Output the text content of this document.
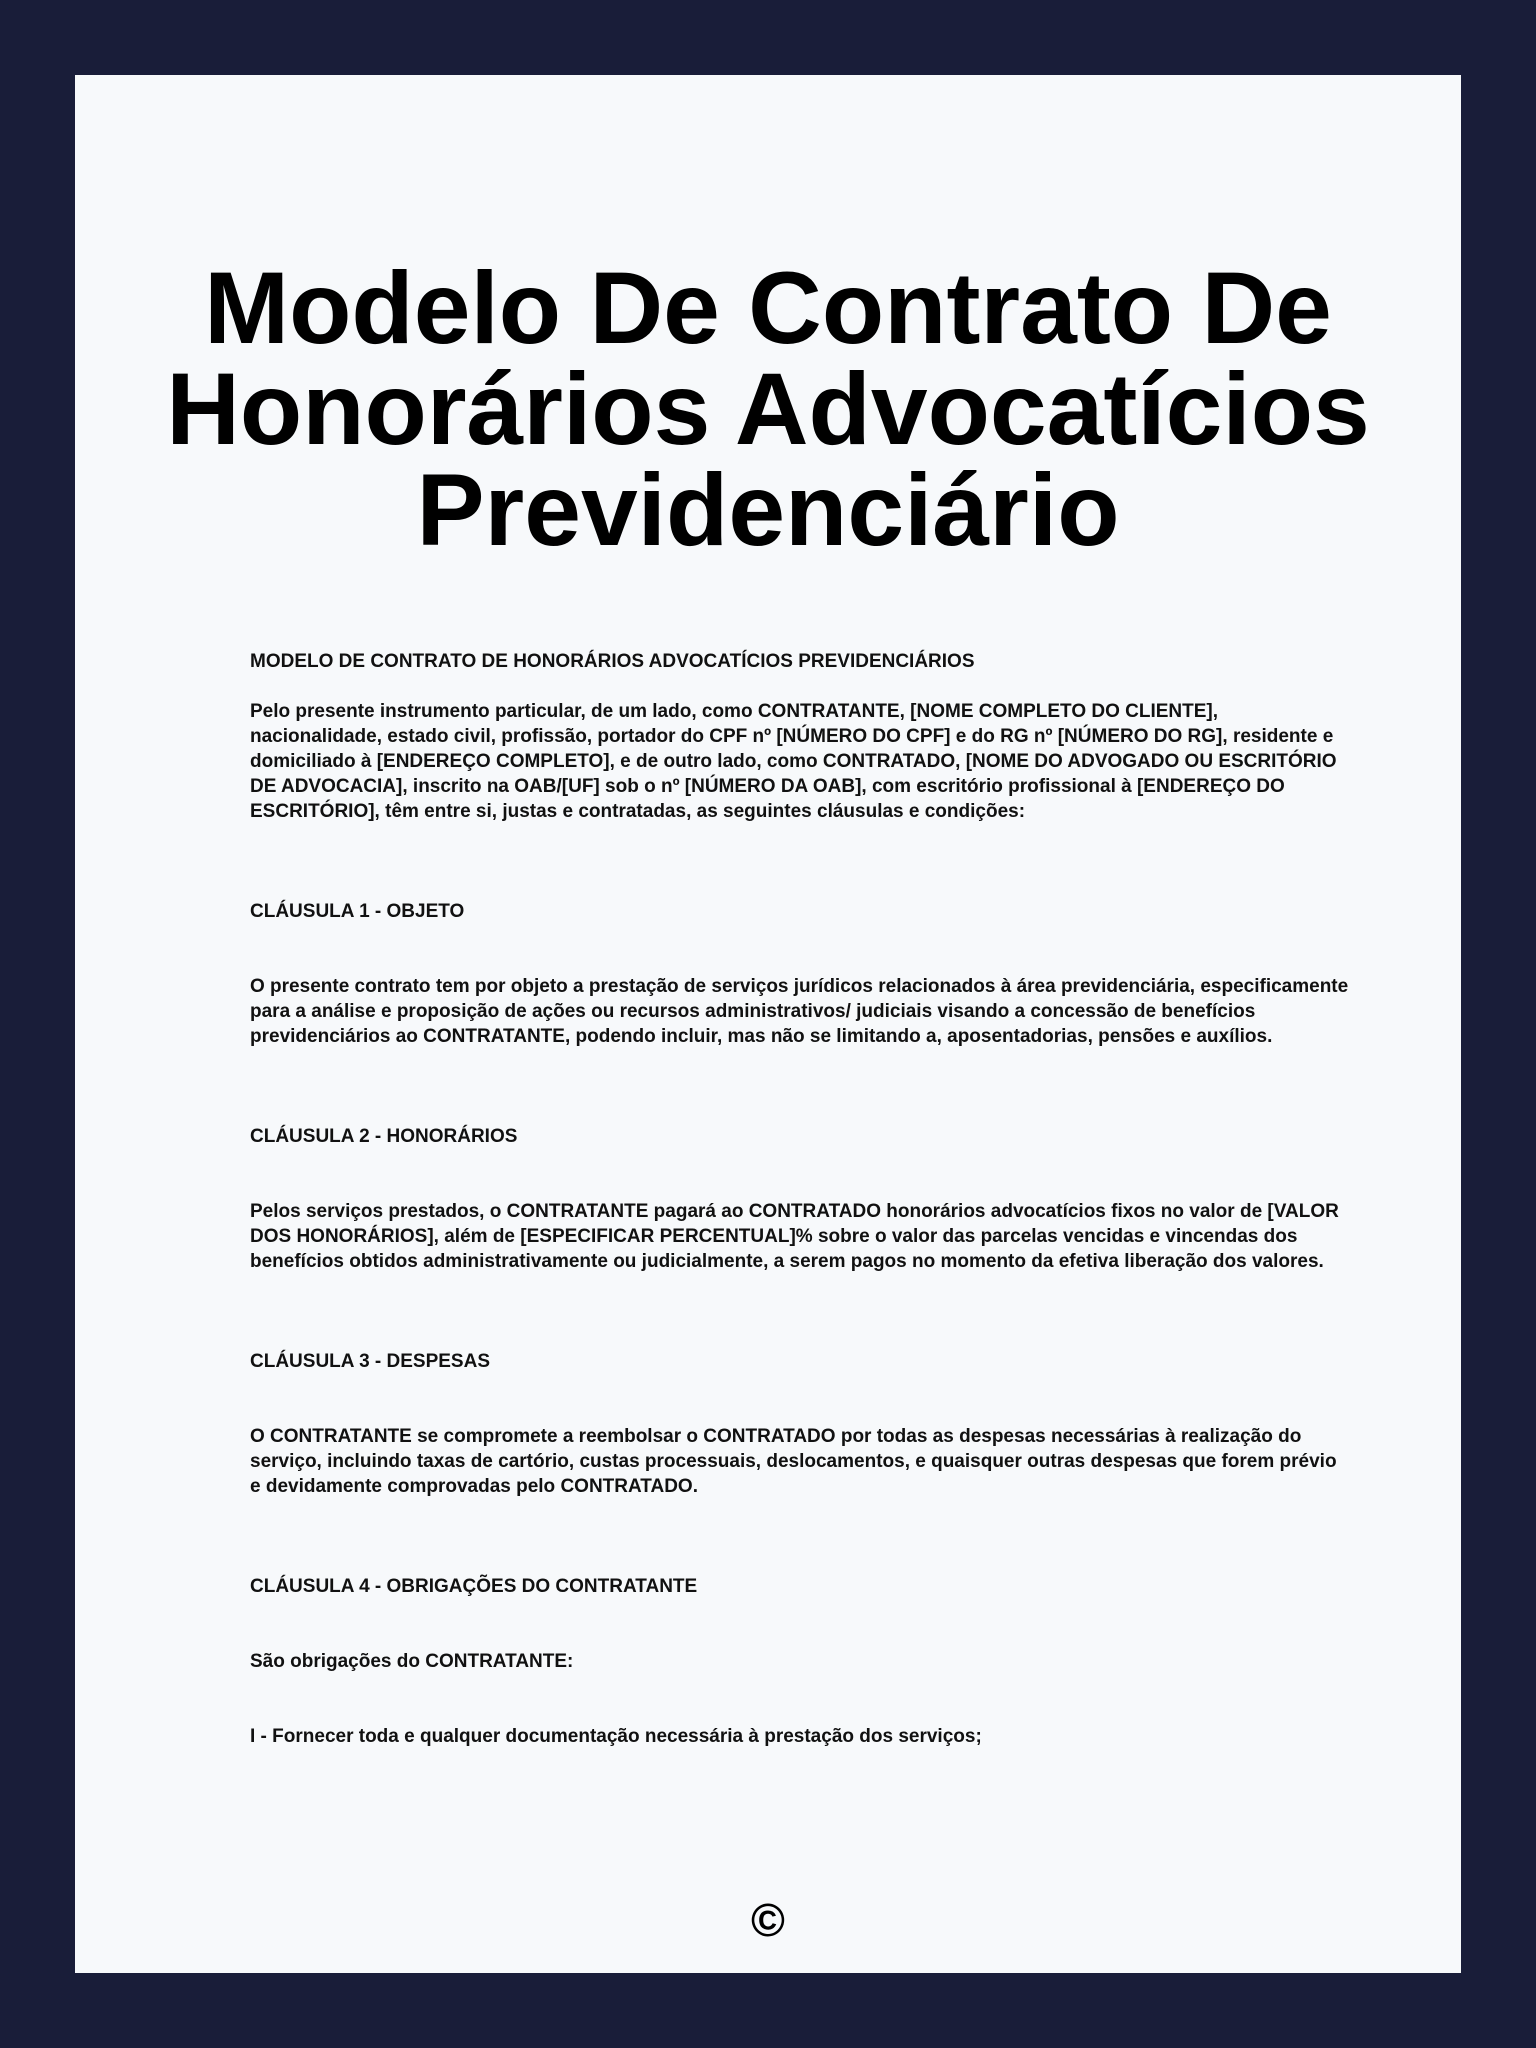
Modelo De Contrato De
Honorários Advocatícios
Previdenciário

MODELO DE CONTRATO DE HONORÁRIOS ADVOCATÍCIOS PREVIDENCIÁRIOS

Pelo presente instrumento particular, de um lado, como CONTRATANTE, [NOME COMPLETO DO CLIENTE], nacionalidade, estado civil, profissão, portador do CPF nº [NÚMERO DO CPF] e do RG nº [NÚMERO DO RG], residente e domiciliado à [ENDEREÇO COMPLETO], e de outro lado, como CONTRATADO, [NOME DO ADVOGADO OU ESCRITÓRIO DE ADVOCACIA], inscrito na OAB/[UF] sob o nº [NÚMERO DA OAB], com escritório profissional à [ENDEREÇO DO ESCRITÓRIO], têm entre si, justas e contratadas, as seguintes cláusulas e condições:

CLÁUSULA 1 - OBJETO

O presente contrato tem por objeto a prestação de serviços jurídicos relacionados à área previdenciária, especificamente para a análise e proposição de ações ou recursos administrativos/ judiciais visando a concessão de benefícios previdenciários ao CONTRATANTE, podendo incluir, mas não se limitando a, aposentadorias, pensões e auxílios.

CLÁUSULA 2 - HONORÁRIOS

Pelos serviços prestados, o CONTRATANTE pagará ao CONTRATADO honorários advocatícios fixos no valor de [VALOR DOS HONORÁRIOS], além de [ESPECIFICAR PERCENTUAL]% sobre o valor das parcelas vencidas e vincendas dos benefícios obtidos administrativamente ou judicialmente, a serem pagos no momento da efetiva liberação dos valores.

CLÁUSULA 3 - DESPESAS

O CONTRATANTE se compromete a reembolsar o CONTRATADO por todas as despesas necessárias à realização do serviço, incluindo taxas de cartório, custas processuais, deslocamentos, e quaisquer outras despesas que forem prévio e devidamente comprovadas pelo CONTRATADO.

CLÁUSULA 4 - OBRIGAÇÕES DO CONTRATANTE

São obrigações do CONTRATANTE:

I - Fornecer toda e qualquer documentação necessária à prestação dos serviços;

©
